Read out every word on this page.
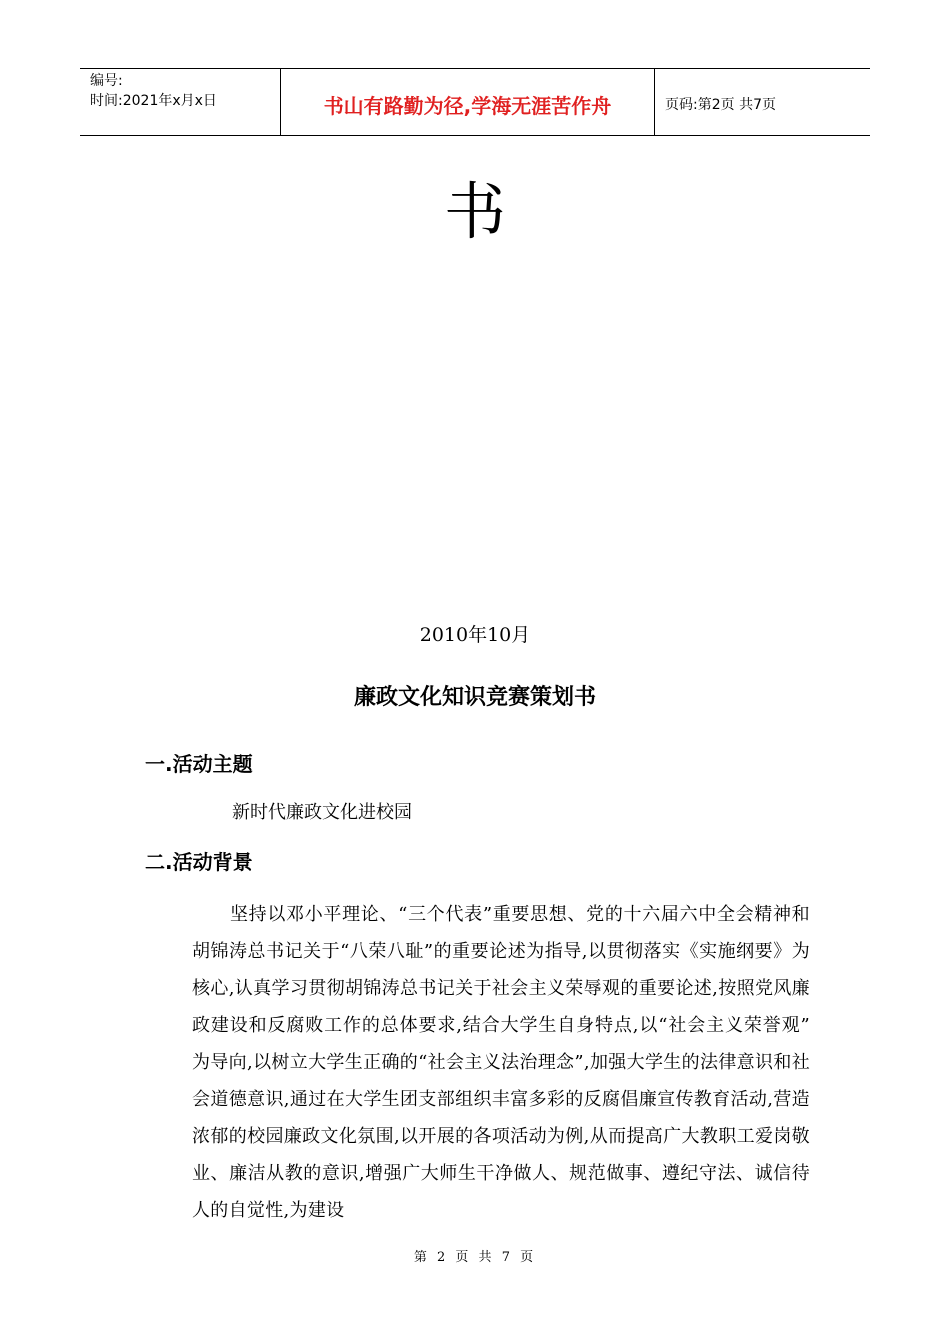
编号:
时间:2021年x月x日	书山有路勤为径,学海无涯苦作舟	页码:第2页 共7页
书
2010年10月
廉政文化知识竞赛策划书
一.活动主题
新时代廉政文化进校园
二.活动背景
坚持以邓小平理论、“三个代表”重要思想、党的十六届六中全会精神和胡锦涛总书记关于“八荣八耻”的重要论述为指导,以贯彻落实《实施纲要》为核心,认真学习贯彻胡锦涛总书记关于社会主义荣辱观的重要论述,按照党风廉政建设和反腐败工作的总体要求,结合大学生自身特点,以“社会主义荣誉观” 为导向,以树立大学生正确的“社会主义法治理念”,加强大学生的法律意识和社会道德意识,通过在大学生团支部组织丰富多彩的反腐倡廉宣传教育活动,营造浓郁的校园廉政文化氛围,以开展的各项活动为例,从而提高广大教职工爱岗敬业、廉洁从教的意识,增强广大师生干净做人、规范做事、遵纪守法、诚信待人的自觉性,为建设
第 2 页 共 7 页
